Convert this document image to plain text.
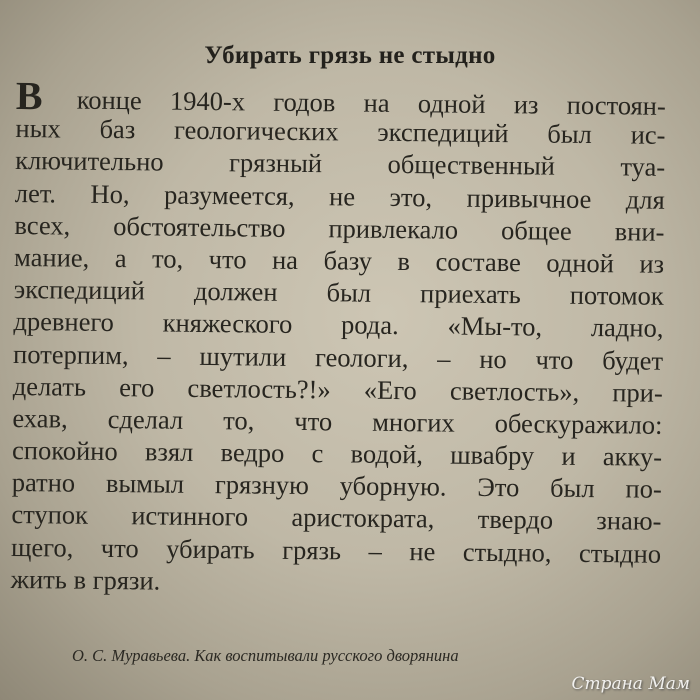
Убирать грязь не стыдно
В конце 1940-х годов на одной из постоян-
ных баз геологических экспедиций был ис-
ключительно грязный общественный туа-
лет. Но, разумеется, не это, привычное для
всех, обстоятельство привлекало общее вни-
мание, а то, что на базу в составе одной из
экспедиций должен был приехать потомок
древнего княжеского рода. «Мы-то, ладно,
потерпим, – шутили геологи, – но что будет
делать его светлость?!» «Его светлость», при-
ехав, сделал то, что многих обескуражило:
спокойно взял ведро с водой, швабру и акку-
ратно вымыл грязную уборную. Это был по-
ступок истинного аристократа, твердо знаю-
щего, что убирать грязь – не стыдно, стыдно
жить в грязи.
О. С. Муравьева. Как воспитывали русского дворянина
Страна Мам
